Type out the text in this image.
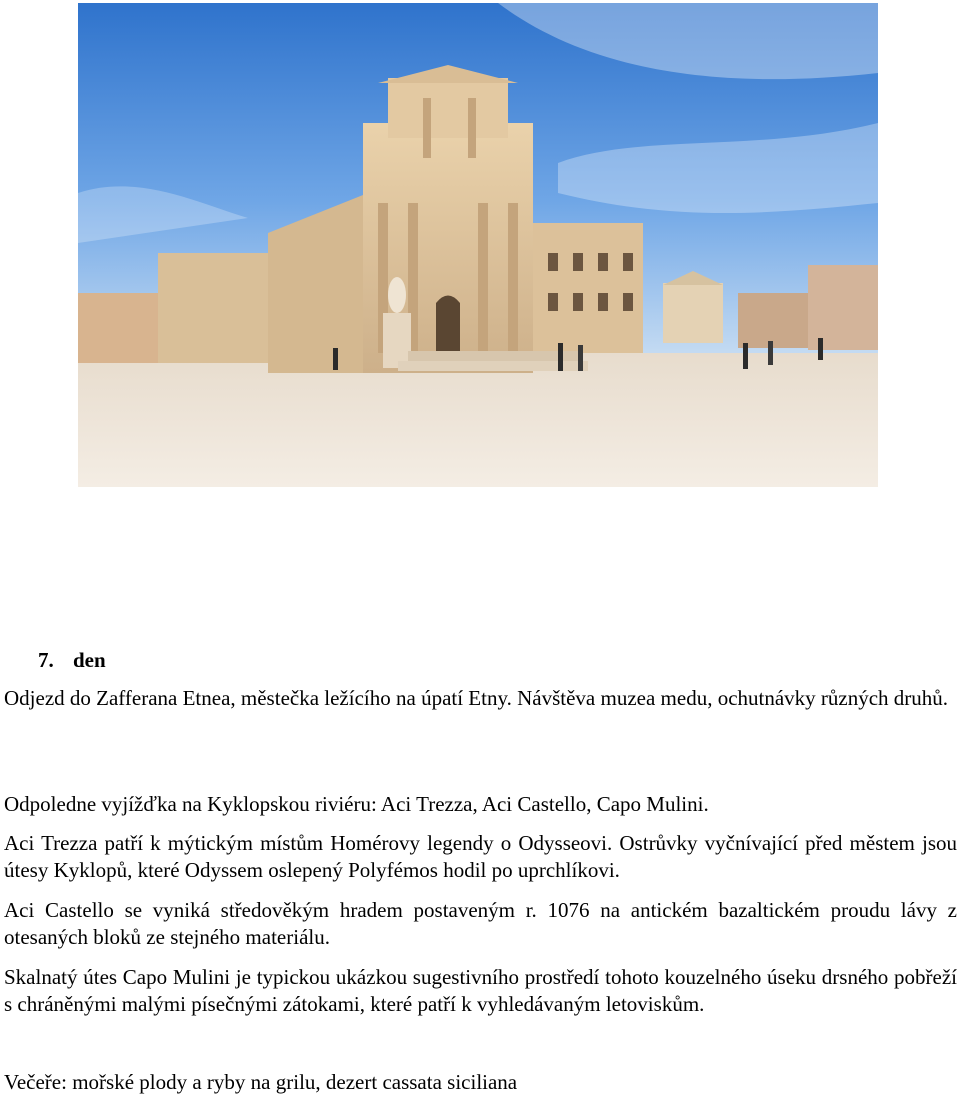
7. den

Odjezd do Zafferana Etnea, městečka ležícího na úpatí Etny. Návštěva muzea medu, ochutnávky různých druhů.

Odpoledne vyjížďka na Kyklopskou riviéru: Aci Trezza, Aci Castello, Capo Mulini.

Aci Trezza patří k mýtickým místům Homérovy legendy o Odysseovi. Ostrůvky vyčnívající před městem jsou útesy Kyklopů, které Odyssem oslepený Polyfémos hodil po uprchlíkovi.

Aci Castello se vyniká středověkým hradem postaveným r. 1076 na antickém bazaltickém proudu lávy z otesaných bloků ze stejného materiálu.

Skalnatý útes Capo Mulini je typickou ukázkou sugestivního prostředí tohoto kouzelného úseku drsného pobřeží s chráněnými malými písečnými zátokami, které patří k vyhledávaným letoviskům.

Večeře: mořské plody a ryby na grilu, dezert cassata siciliana
